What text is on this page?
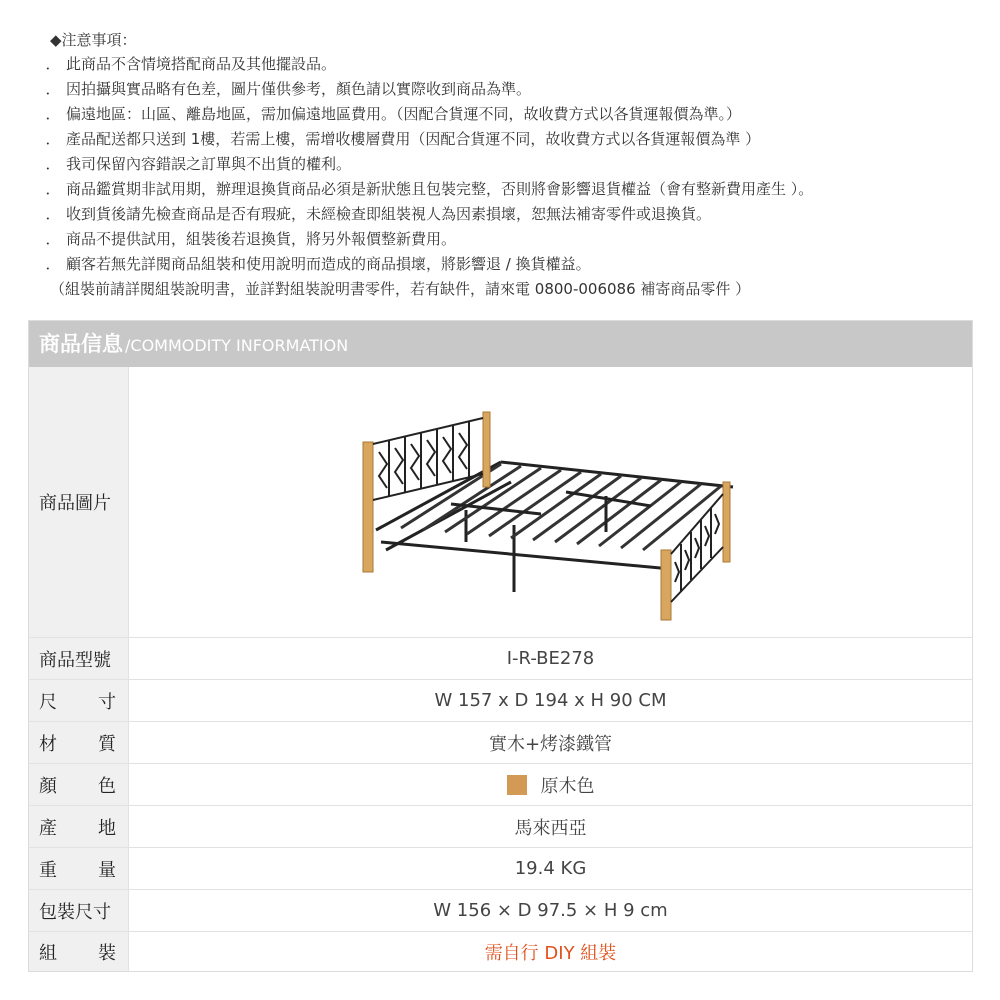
◆注意事項：
． 此商品不含情境搭配商品及其他擺設品。
． 因拍攝與實品略有色差，圖片僅供參考，顏色請以實際收到商品為準。
． 偏遠地區：山區、離島地區，需加偏遠地區費用。（因配合貨運不同，故收費方式以各貨運報價為準。）
． 產品配送都只送到 1樓，若需上樓，需增收樓層費用（因配合貨運不同，故收費方式以各貨運報價為準 ）
． 我司保留內容錯誤之訂單與不出貨的權利。
． 商品鑑賞期非試用期，辦理退換貨商品必須是新狀態且包裝完整，否則將會影響退貨權益（會有整新費用產生 ）。
． 收到貨後請先檢查商品是否有瑕疵，未經檢查即組裝視人為因素損壞，恕無法補寄零件或退換貨。
． 商品不提供試用，組裝後若退換貨，將另外報價整新費用。
． 顧客若無先詳閱商品組裝和使用說明而造成的商品損壞，將影響退 / 換貨權益。
（組裝前請詳閱組裝說明書，並詳對組裝說明書零件，若有缺件，請來電 0800-006086 補寄商品零件 ）
商品信息 /COMMODITY INFORMATION
商品圖片
商品型號	I-R-BE278
尺 寸	W 157 x D 194 x H 90 CM
材 質	實木+烤漆鐵管
顏 色	原木色
產 地	馬來西亞
重 量	19.4 KG
包裝尺寸	W 156 × D 97.5 × H 9 cm
組 裝	需自行 DIY 組裝
